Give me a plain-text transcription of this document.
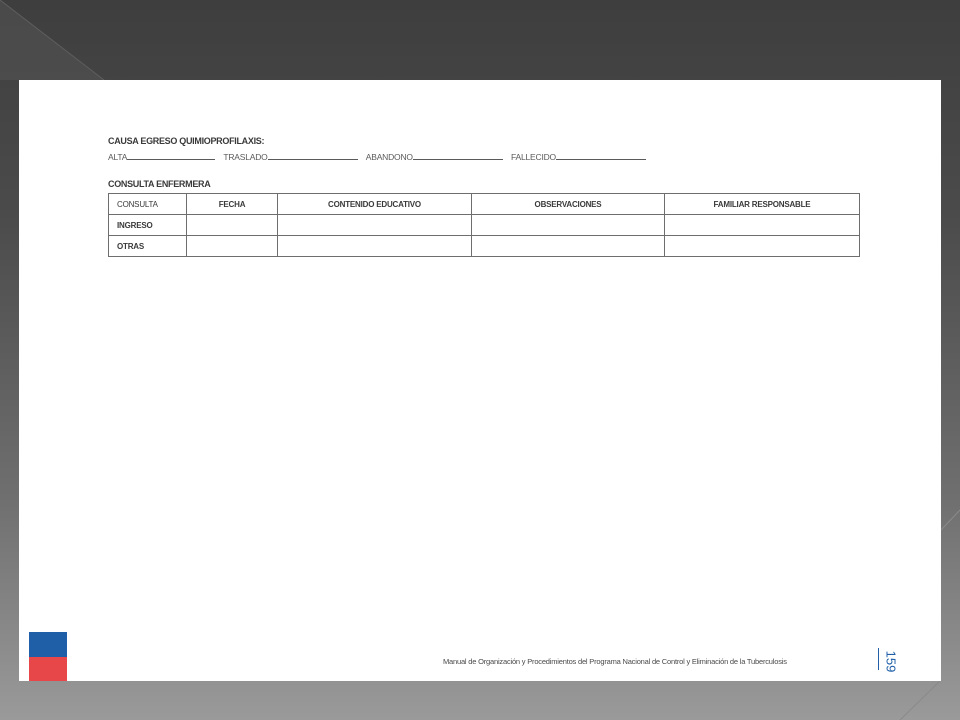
CAUSA EGRESO QUIMIOPROFILAXIS:
ALTA	TRASLADO	ABANDONO	FALLECIDO
CONSULTA ENFERMERA
CONSULTA	FECHA	CONTENIDO EDUCATIVO	OBSERVACIONES	FAMILIAR RESPONSABLE
INGRESO				
OTRAS				
Manual de Organización y Procedimientos del Programa Nacional de Control y Eliminación de la Tuberculosis	159
